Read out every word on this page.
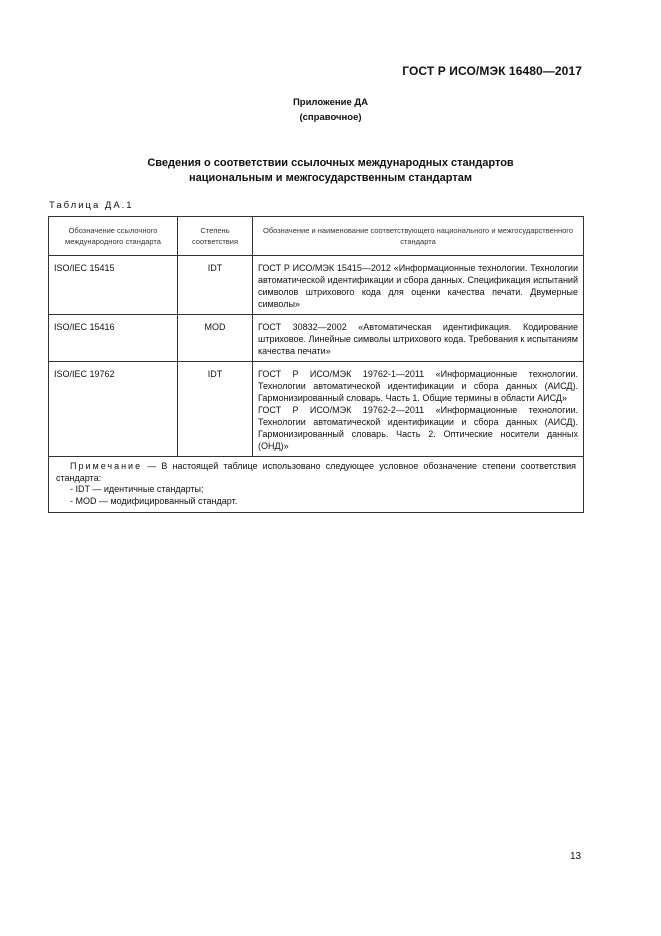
ГОСТ Р ИСО/МЭК 16480—2017
Приложение ДА
(справочное)
Сведения о соответствии ссылочных международных стандартов
национальным и межгосударственным стандартам
Таблица ДА.1
Обозначение ссылочного международного стандарта	Степень соответствия	Обозначение и наименование соответствующего национального и межгосударственного стандарта
ISO/IEC 15415	IDT	ГОСТ Р ИСО/МЭК 15415—2012 «Информационные технологии. Технологии автоматической идентификации и сбора данных. Спецификация испытаний символов штрихового кода для оценки качества печати. Двумерные символы»

ISO/IEC 15416	MOD	ГОСТ 30832—2002 «Автоматическая идентификация. Кодирование штриховое. Линейные символы штрихового кода. Требования к испытаниям качества печати»

ISO/IEC 19762	IDT	ГОСТ Р ИСО/МЭК 19762-1—2011 «Информационные технологии. Технологии автоматической идентификации и сбора данных (АИСД). Гармонизированный словарь. Часть 1. Общие термины в области АИСД»
ГОСТ Р ИСО/МЭК 19762-2—2011 «Информационные технологии. Технологии автоматической идентификации и сбора данных (АИСД). Гармонизированный словарь. Часть 2. Оптические носители данных (ОНД)»

Примечание — В настоящей таблице использовано следующее условное обозначение степени соответствия стандарта:
- IDT — идентичные стандарты;
- MOD — модифицированный стандарт.		
13
